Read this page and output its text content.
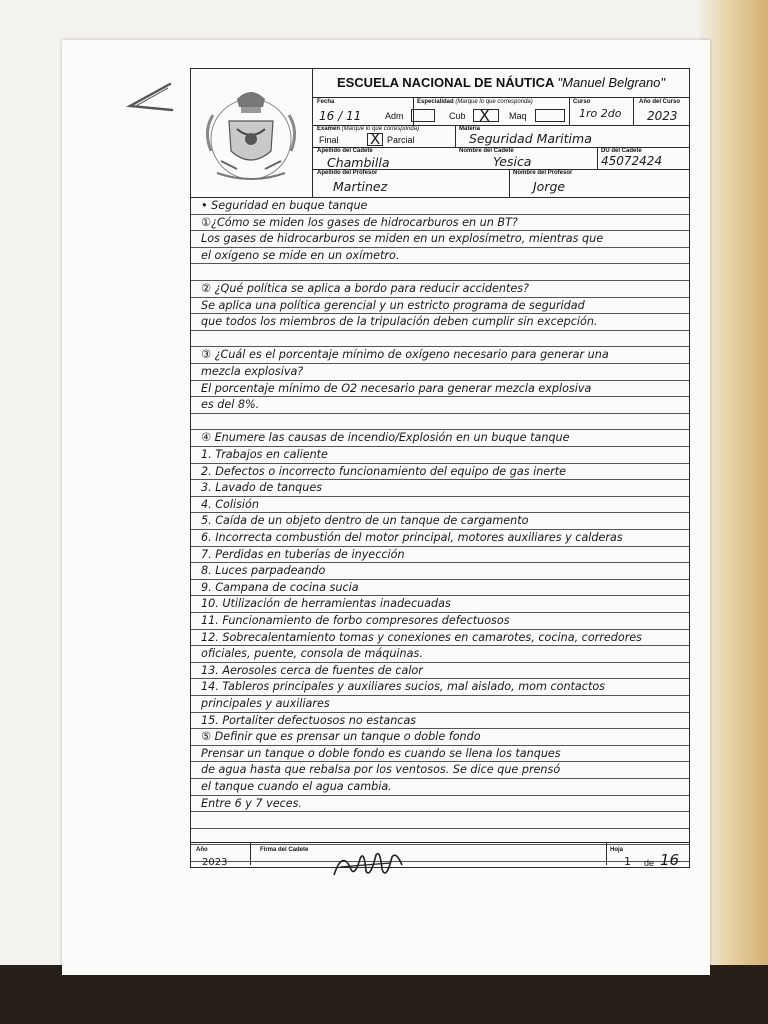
ESCUELA NACIONAL DE NÁUTICA "Manuel Belgrano"
Fecha
16 / 11
Especialidad (Marque lo que corresponda)
Adm	Cub X Maq
Curso
1ro 2do
Año del Curso
2023
Examen (Marque lo que corresponda)
Final X Parcial
Materia
Seguridad Maritima
Apellido del Cadete
Chambilla
Nombre del Cadete
Yesica
DU del Cadete
45072424
Apellido del Profesor
Martinez
Nombre del Profesor
Jorge
• Seguridad en buque tanque
①¿Cómo se miden los gases de hidrocarburos en un BT?
Los gases de hidrocarburos se miden en un explosímetro, mientras que
el oxígeno se mide en un oxímetro.
② ¿Qué política se aplica a bordo para reducir accidentes?
Se aplica una política gerencial y un estricto programa de seguridad
que todos los miembros de la tripulación deben cumplir sin excepción.
③ ¿Cuál es el porcentaje mínimo de oxígeno necesario para generar una
mezcla explosiva?
El porcentaje mínimo de O2 necesario para generar mezcla explosiva
es del 8%.
④ Enumere las causas de incendio/Explosión en un buque tanque
1. Trabajos en caliente
2. Defectos o incorrecto funcionamiento del equipo de gas inerte
3. Lavado de tanques
4. Colisión
5. Caída de un objeto dentro de un tanque de cargamento
6. Incorrecta combustión del motor principal, motores auxiliares y calderas
7. Perdidas en tuberías de inyección
8. Luces parpadeando
9. Campana de cocina sucia
10. Utilización de herramientas inadecuadas
11. Funcionamiento de forbo compresores defectuosos
12. Sobrecalentamiento tomas y conexiones en camarotes, cocina, corredores
oficiales, puente, consola de máquinas.
13. Aerosoles cerca de fuentes de calor
14. Tableros principales y auxiliares sucios, mal aislado, mom contactos
principales y auxiliares
15. Portaliter defectuosos no estancas
⑤ Definir que es prensar un tanque o doble fondo
Prensar un tanque o doble fondo es cuando se llena los tanques
de agua hasta que rebalsa por los ventosos. Se dice que prensó
el tanque cuando el agua cambia.
Entre 6 y 7 veces.
Año
2023
Firma del Cadete	Hoja
1 de 16
